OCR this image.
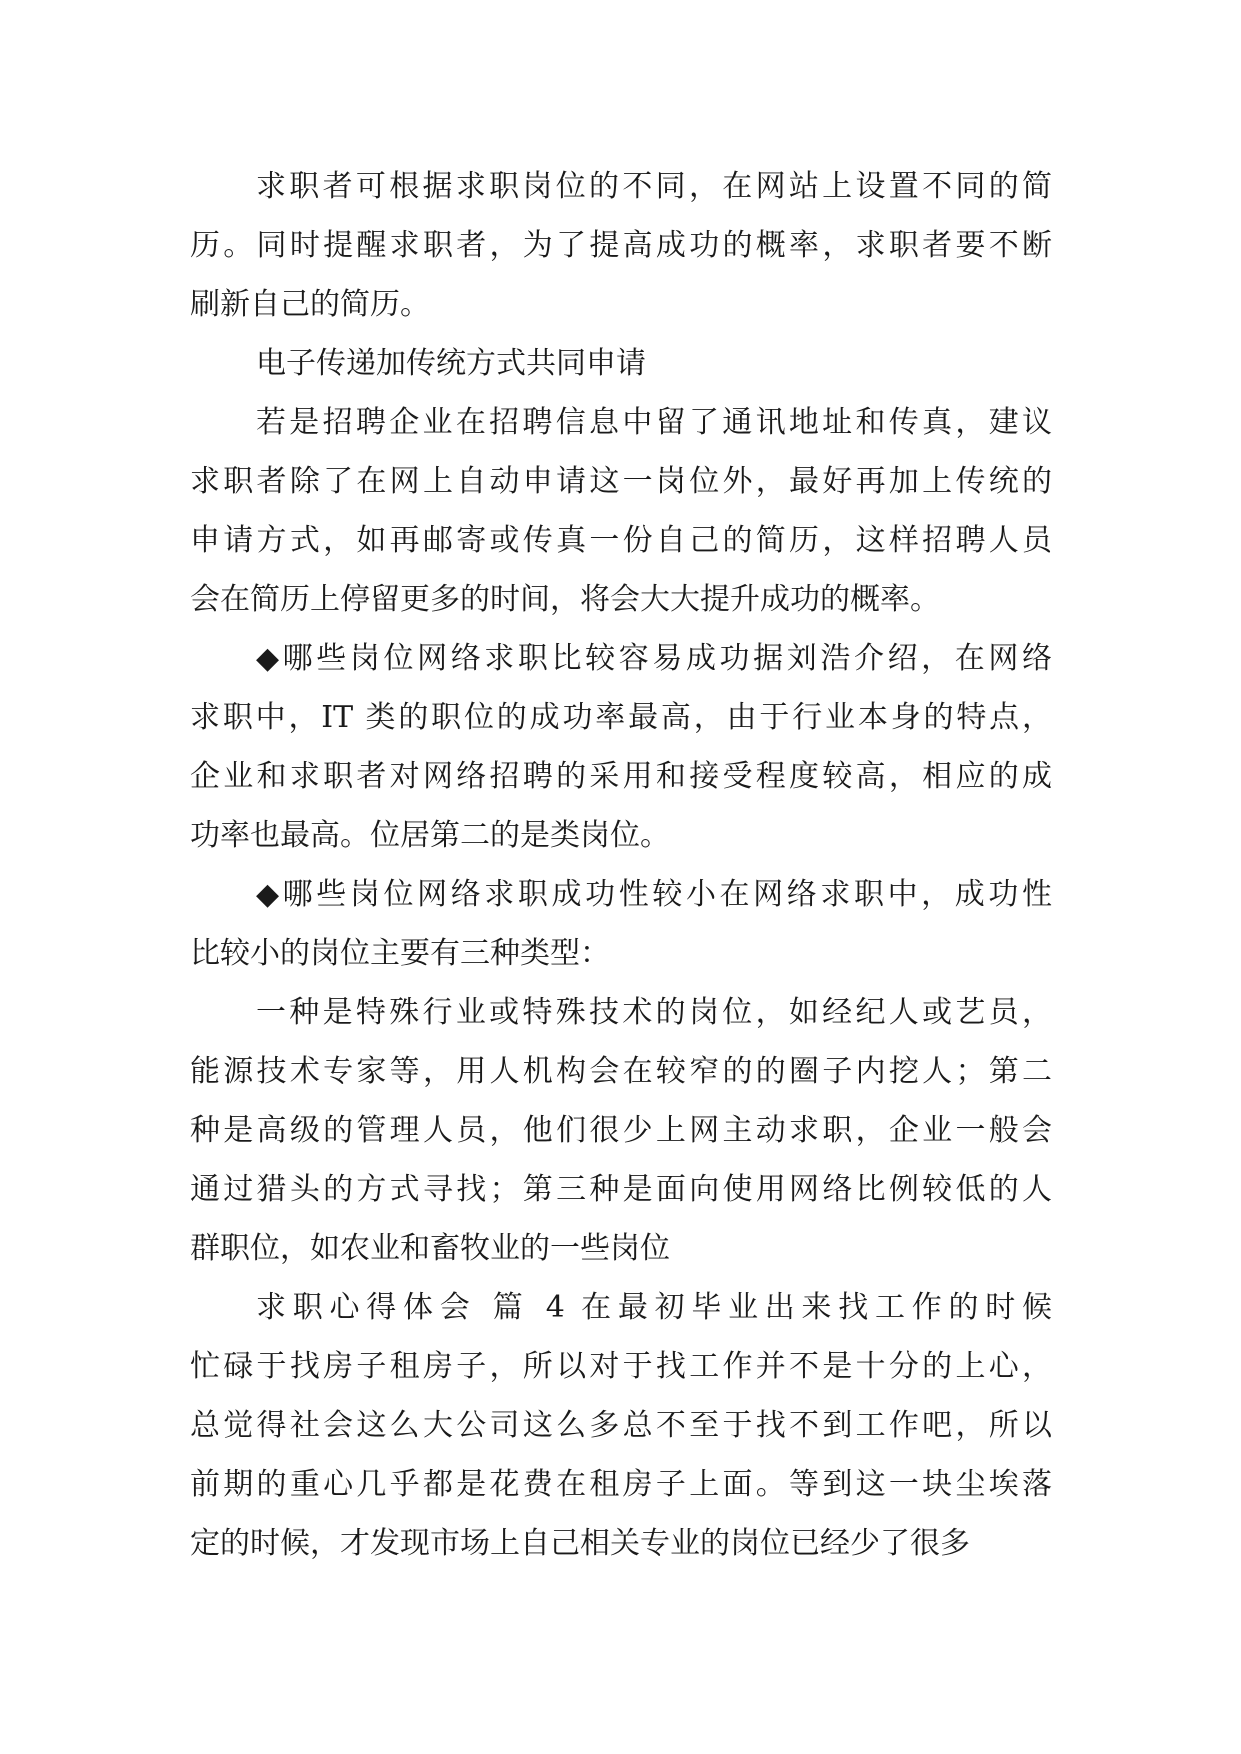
求职者可根据求职岗位的不同，在网站上设置不同的简
历。同时提醒求职者，为了提高成功的概率，求职者要不断
刷新自己的简历。
电子传递加传统方式共同申请
若是招聘企业在招聘信息中留了通讯地址和传真，建议
求职者除了在网上自动申请这一岗位外，最好再加上传统的
申请方式，如再邮寄或传真一份自己的简历，这样招聘人员
会在简历上停留更多的时间，将会大大提升成功的概率。
◆哪些岗位网络求职比较容易成功据刘浩介绍，在网络
求职中，IT 类的职位的成功率最高，由于行业本身的特点，
企业和求职者对网络招聘的采用和接受程度较高，相应的成
功率也最高。位居第二的是类岗位。
◆哪些岗位网络求职成功性较小在网络求职中，成功性
比较小的岗位主要有三种类型：
一种是特殊行业或特殊技术的岗位，如经纪人或艺员，
能源技术专家等，用人机构会在较窄的的圈子内挖人；第二
种是高级的管理人员，他们很少上网主动求职，企业一般会
通过猎头的方式寻找；第三种是面向使用网络比例较低的人
群职位，如农业和畜牧业的一些岗位
求职心得体会 篇 4 在最初毕业出来找工作的时候
忙碌于找房子租房子，所以对于找工作并不是十分的上心，
总觉得社会这么大公司这么多总不至于找不到工作吧，所以
前期的重心几乎都是花费在租房子上面。等到这一块尘埃落
定的时候，才发现市场上自己相关专业的岗位已经少了很多
